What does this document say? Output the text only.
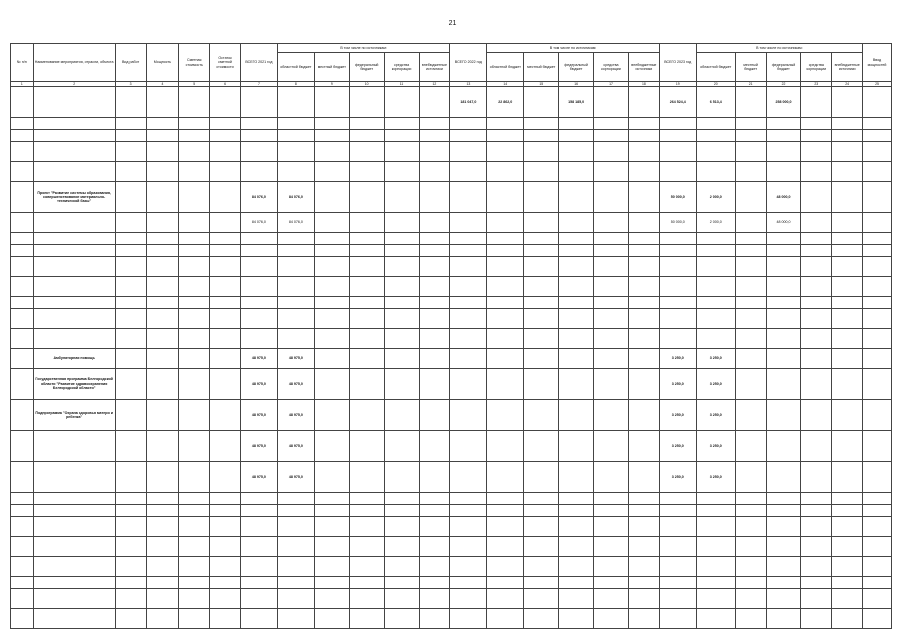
21
№ п/п	Наименование мероприятия, отрасли, объекта	Вид работ	Мощность	Сметная стоимость	Остаток сметной стоимости	ВСЕГО 2021 год	В том числе по источникам:					ВСЕГО 2022 год	В том числе по источникам:					ВСЕГО 2023 год	В том числе по источникам:					Ввод мощностей
							областной бюджет	местный бюджет	федеральный бюджет	средства корпорации	внебюджетные источники		областной бюджет	местный бюджет	федеральный бюджет	средства корпорации	внебюджетные источники		областной бюджет	местный бюджет	федеральный бюджет	средства корпорации	внебюджетные источники	
1	2	3	4	5	6	7	8	9	10	11	12	13	14	15	16	17	18	19	20	21	22	23	24	25
												181 047,0	22 862,0		158 185,0			264 524,4	6 513,4		258 000,0			

	Проект "Развитие системы образования, совершенствование материально-технической базы"					84 076,0	84 076,0											50 000,0	2 000,0		48 000,0			
						84 076,0	84 076,0											50 000,0	2 000,0		48 000,0			

	Амбулаторная помощь					48 975,0	48 975,0											3 250,0	3 250,0					
	Государственная программа Белгородской области "Развитие здравоохранения Белгородской области"					48 975,0	48 975,0											3 250,0	3 250,0					
	Подпрограмма "Охрана здоровья матери и ребенка"					48 975,0	48 975,0											3 250,0	3 250,0					
						48 975,0	48 975,0											3 250,0	3 250,0					
						48 975,0	48 975,0											3 250,0	3 250,0					
